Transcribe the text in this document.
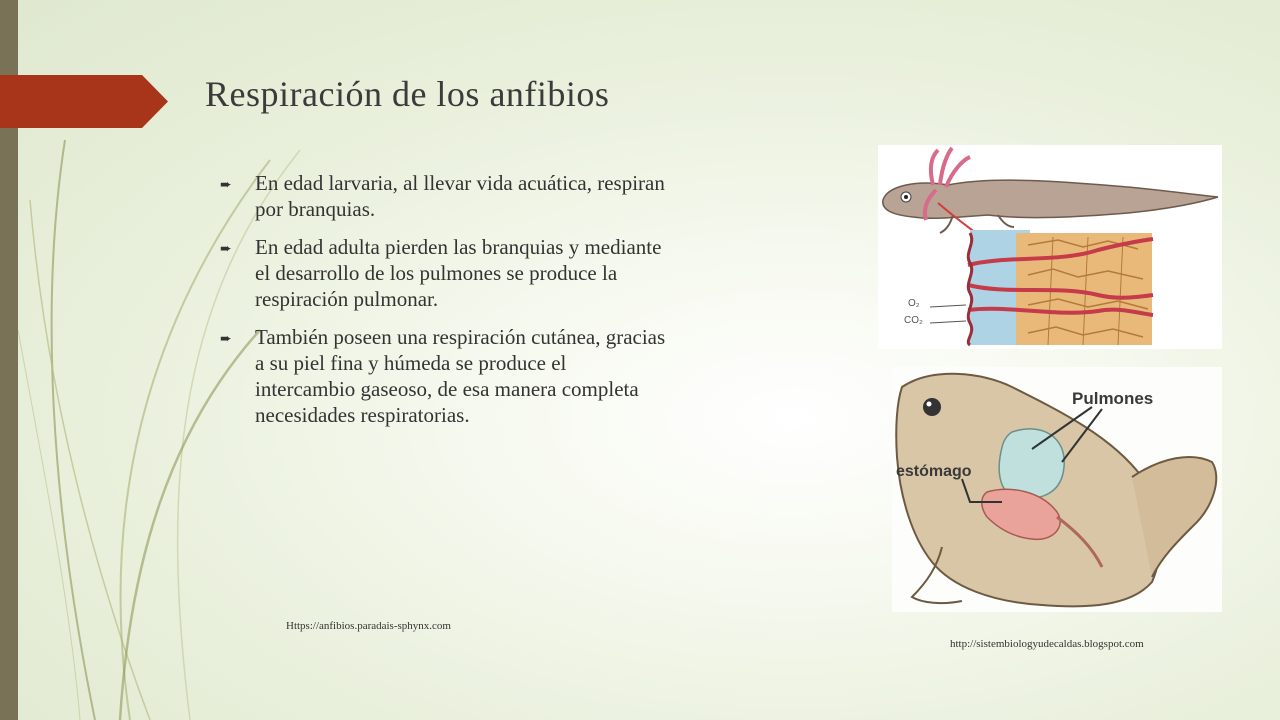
Respiración de los anfibios
➨ En edad larvaria, al llevar vida acuática, respiran por branquias.
➨ En edad adulta pierden las branquias y mediante el desarrollo de los pulmones se produce la respiración pulmonar.
➨ También poseen una respiración cutánea, gracias a su piel fina y húmeda se produce el intercambio gaseoso, de esa manera completa necesidades respiratorias.
Https://anfibios.paradais-sphynx.com
http://sistembiologyudecaldas.blogspot.com
O₂
CO₂
Pulmones
estómago
